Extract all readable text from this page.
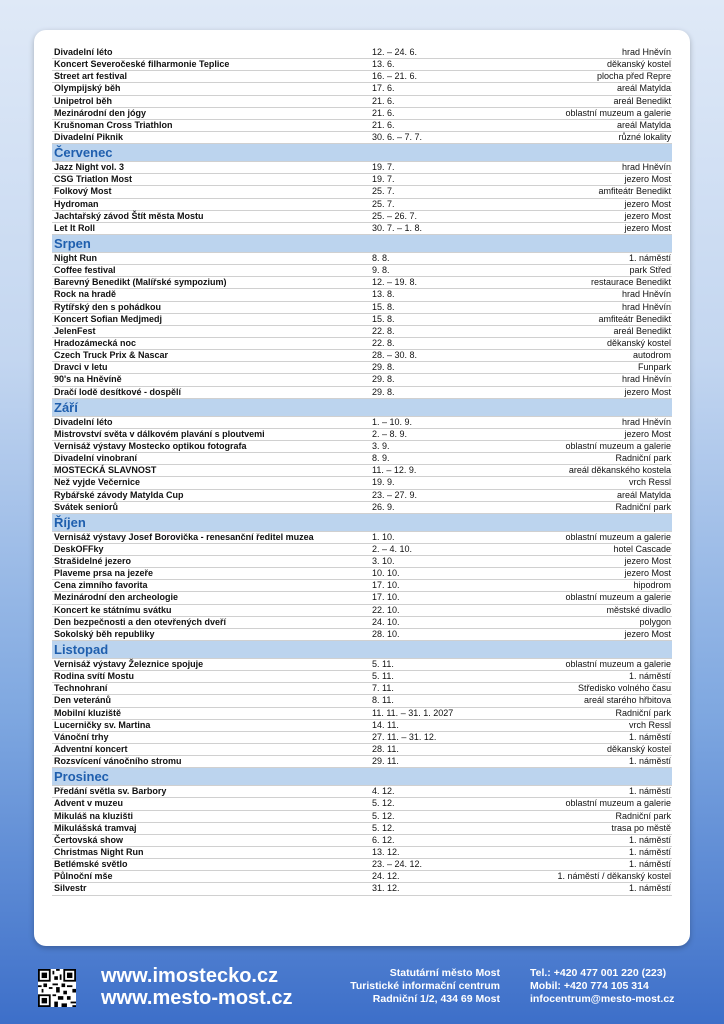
Divadelní léto	12. – 24. 6.	hrad Hněvín
Koncert Severočeské filharmonie Teplice	13. 6.	děkanský kostel
Street art festival	16. – 21. 6.	plocha před Repre
Olympijský běh	17. 6.	areál Matylda
Unipetrol běh	21. 6.	areál Benedikt
Mezinárodní den jógy	21. 6.	oblastní muzeum a galerie
Krušnoman Cross Triathlon	21. 6.	areál Matylda
Divadelní Piknik	30. 6. – 7. 7.	různé lokality
Červenec
Jazz Night vol. 3	19. 7.	hrad Hněvín
CSG Triatlon Most	19. 7.	jezero Most
Folkový Most	25. 7.	amfiteátr Benedikt
Hydroman	25. 7.	jezero Most
Jachtařský závod Štít města Mostu	25. – 26. 7.	jezero Most
Let It Roll	30. 7. – 1. 8.	jezero Most
Srpen
Night Run	8. 8.	1. náměstí
Coffee festival	9. 8.	park Střed
Barevný Benedikt (Malířské sympozium)	12. – 19. 8.	restaurace Benedikt
Rock na hradě	13. 8.	hrad Hněvín
Rytířský den s pohádkou	15. 8.	hrad Hněvín
Koncert Sofian Medjmedj	15. 8.	amfiteátr Benedikt
JelenFest	22. 8.	areál Benedikt
Hradozámecká noc	22. 8.	děkanský kostel
Czech Truck Prix & Nascar	28. – 30. 8.	autodrom
Dravci v letu	29. 8.	Funpark
90's na Hněvíně	29. 8.	hrad Hněvín
Dračí lodě desítkové - dospělí	29. 8.	jezero Most
Září
Divadelní léto	1. – 10. 9.	hrad Hněvín
Mistrovství světa v dálkovém plavání s ploutvemi	2. – 8. 9.	jezero Most
Vernisáž výstavy Mostecko optikou fotografa	3. 9.	oblastní muzeum a galerie
Divadelní vinobraní	8. 9.	Radniční park
MOSTECKÁ SLAVNOST	11. – 12. 9.	areál děkanského kostela
Než vyjde Večernice	19. 9.	vrch Ressl
Rybářské závody Matylda Cup	23. – 27. 9.	areál Matylda
Svátek seniorů	26. 9.	Radniční park
Říjen
Vernisáž výstavy Josef Borovička - renesanční ředitel muzea	1. 10.	oblastní muzeum a galerie
DeskOFFky	2. – 4. 10.	hotel Cascade
Strašidelné jezero	3. 10.	jezero Most
Plaveme prsa na jezeře	10. 10.	jezero Most
Cena zimního favorita	17. 10.	hipodrom
Mezinárodní den archeologie	17. 10.	oblastní muzeum a galerie
Koncert ke státnímu svátku	22. 10.	městské divadlo
Den bezpečnosti a den otevřených dveří	24. 10.	polygon
Sokolský běh republiky	28. 10.	jezero Most
Listopad
Vernisáž výstavy Železnice spojuje	5. 11.	oblastní muzeum a galerie
Rodina svítí Mostu	5. 11.	1. náměstí
Technohraní	7. 11.	Středisko volného času
Den veteránů	8. 11.	areál starého hřbitova
Mobilní kluziště	11. 11. – 31. 1. 2027	Radniční park
Lucerničky sv. Martina	14. 11.	vrch Ressl
Vánoční trhy	27. 11. – 31. 12.	1. náměstí
Adventní koncert	28. 11.	děkanský kostel
Rozsvícení vánočního stromu	29. 11.	1. náměstí
Prosinec
Předání světla sv. Barbory	4. 12.	1. náměstí
Advent v muzeu	5. 12.	oblastní muzeum a galerie
Mikuláš na kluzišti	5. 12.	Radniční park
Mikulášská tramvaj	5. 12.	trasa po městě
Čertovská show	6. 12.	1. náměstí
Christmas Night Run	13. 12.	1. náměstí
Betlémské světlo	23. – 24. 12.	1. náměstí
Půlnoční mše	24. 12.	1. náměstí / děkanský kostel
Silvestr	31. 12.	1. náměstí
www.imostecko.cz
www.mesto-most.cz
Statutární město Most
Turistické informační centrum
Radniční 1/2, 434 69 Most
Tel.: +420 477 001 220 (223)
Mobil: +420 774 105 314
infocentrum@mesto-most.cz
